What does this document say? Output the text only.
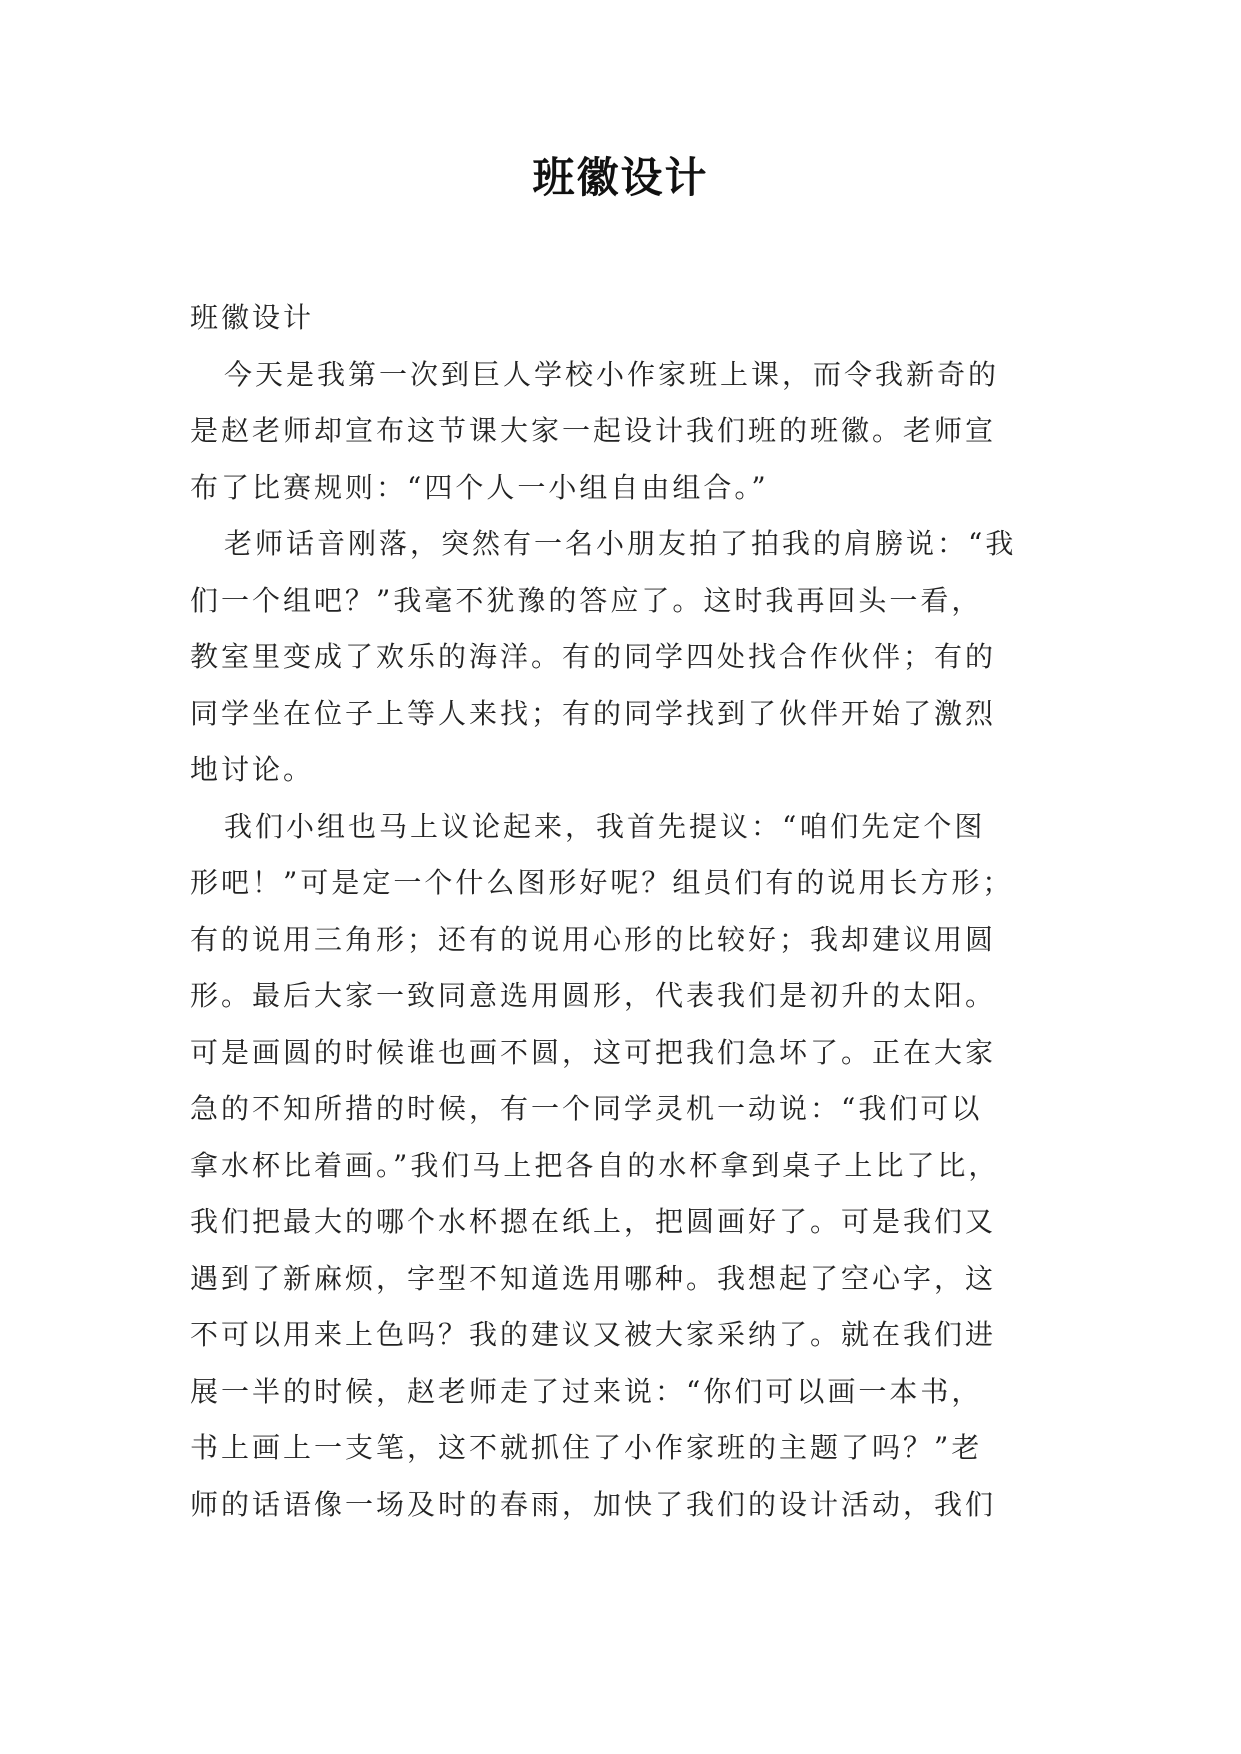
班徽设计
班徽设计
今天是我第一次到巨人学校小作家班上课，而令我新奇的
是赵老师却宣布这节课大家一起设计我们班的班徽。老师宣
布了比赛规则：“四个人一小组自由组合。”
老师话音刚落，突然有一名小朋友拍了拍我的肩膀说：“我
们一个组吧？”我毫不犹豫的答应了。这时我再回头一看，
教室里变成了欢乐的海洋。有的同学四处找合作伙伴；有的
同学坐在位子上等人来找；有的同学找到了伙伴开始了激烈
地讨论。
我们小组也马上议论起来，我首先提议：“咱们先定个图
形吧！”可是定一个什么图形好呢？组员们有的说用长方形；
有的说用三角形；还有的说用心形的比较好；我却建议用圆
形。最后大家一致同意选用圆形，代表我们是初升的太阳。
可是画圆的时候谁也画不圆，这可把我们急坏了。正在大家
急的不知所措的时候，有一个同学灵机一动说：“我们可以
拿水杯比着画。”我们马上把各自的水杯拿到桌子上比了比，
我们把最大的哪个水杯摁在纸上，把圆画好了。可是我们又
遇到了新麻烦，字型不知道选用哪种。我想起了空心字，这
不可以用来上色吗？我的建议又被大家采纳了。就在我们进
展一半的时候，赵老师走了过来说：“你们可以画一本书，
书上画上一支笔，这不就抓住了小作家班的主题了吗？”老
师的话语像一场及时的春雨，加快了我们的设计活动，我们
